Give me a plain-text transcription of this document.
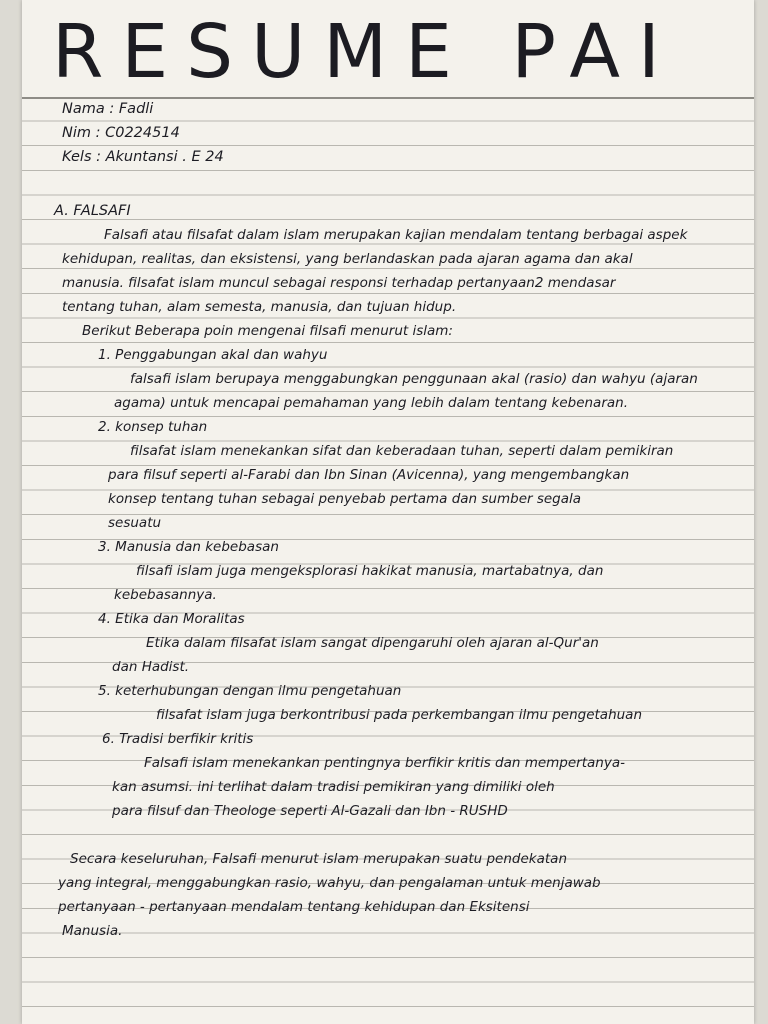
RESUME PAI
Nama : Fadli
Nim : C0224514
Kels : Akuntansi . E 24
A. FALSAFI
Falsafi atau filsafat dalam islam merupakan kajian mendalam tentang berbagai aspek
kehidupan, realitas, dan eksistensi, yang berlandaskan pada ajaran agama dan akal
manusia. filsafat islam muncul sebagai responsi terhadap pertanyaan2 mendasar
tentang tuhan, alam semesta, manusia, dan tujuan hidup.
Berikut Beberapa poin mengenai filsafi menurut islam:
1. Penggabungan akal dan wahyu
falsafi islam berupaya menggabungkan penggunaan akal (rasio) dan wahyu (ajaran
agama) untuk mencapai pemahaman yang lebih dalam tentang kebenaran.
2. konsep tuhan
filsafat islam menekankan sifat dan keberadaan tuhan, seperti dalam pemikiran
para filsuf seperti al-Farabi dan Ibn Sinan (Avicenna), yang mengembangkan
konsep tentang tuhan sebagai penyebab pertama dan sumber segala
sesuatu
3. Manusia dan kebebasan
filsafi islam juga mengeksplorasi hakikat manusia, martabatnya, dan
kebebasannya.
4. Etika dan Moralitas
Etika dalam filsafat islam sangat dipengaruhi oleh ajaran al-Qur'an
dan Hadist.
5. keterhubungan dengan ilmu pengetahuan
filsafat islam juga berkontribusi pada perkembangan ilmu pengetahuan
6. Tradisi berfikir kritis
Falsafi islam menekankan pentingnya berfikir kritis dan mempertanya-
kan asumsi. ini terlihat dalam tradisi pemikiran yang dimiliki oleh
para filsuf dan Theologe seperti Al-Gazali dan Ibn - RUSHD
Secara keseluruhan, Falsafi menurut islam merupakan suatu pendekatan
yang integral, menggabungkan rasio, wahyu, dan pengalaman untuk menjawab
pertanyaan - pertanyaan mendalam tentang kehidupan dan Eksitensi
Manusia.
